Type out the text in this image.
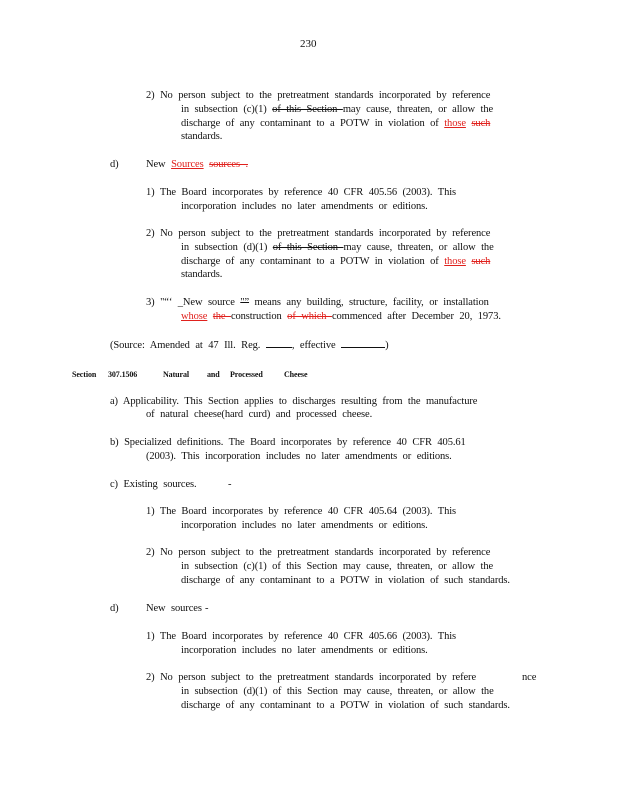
230
2) No person subject to the pretreatment standards incorporated by reference
in subsection (c)(1) of this Section may cause, threaten, or allow the
discharge of any contaminant to a POTW in violation of those such
standards.
d)	New Sources sources .
1) The Board incorporates by reference 40 CFR 405.56 (2003). This
incorporation includes no later amendments or editions.
2) No person subject to the pretreatment standards incorporated by reference
in subsection (d)(1) of this Section may cause, threaten, or allow the
discharge of any contaminant to a POTW in violation of those such
standards.
3) "“‘ _New source "” means any building, structure, facility, or installation
whose the construction of which commenced after December 20, 1973.
(Source: Amended at 47 Ill. Reg. , effective	)
Section 307.1506	Natural and Processed	Cheese
a) Applicability. This Section applies to discharges resulting from the manufacture
of natural cheese(hard curd) and processed cheese.
b) Specialized definitions. The Board incorporates by reference 40 CFR 405.61
(2003). This incorporation includes no later amendments or editions.
c) Existing sources.	-
1) The Board incorporates by reference 40 CFR 405.64 (2003). This
incorporation includes no later amendments or editions.
2) No person subject to the pretreatment standards incorporated by reference
in subsection (c)(1) of this Section may cause, threaten, or allow the
discharge of any contaminant to a POTW in violation of such standards.
d)	New sources -
1) The Board incorporates by reference 40 CFR 405.66 (2003). This
incorporation includes no later amendments or editions.
2) No person subject to the pretreatment standards incorporated by refere	nce
in subsection (d)(1) of this Section may cause, threaten, or allow the
discharge of any contaminant to a POTW in violation of such standards.
